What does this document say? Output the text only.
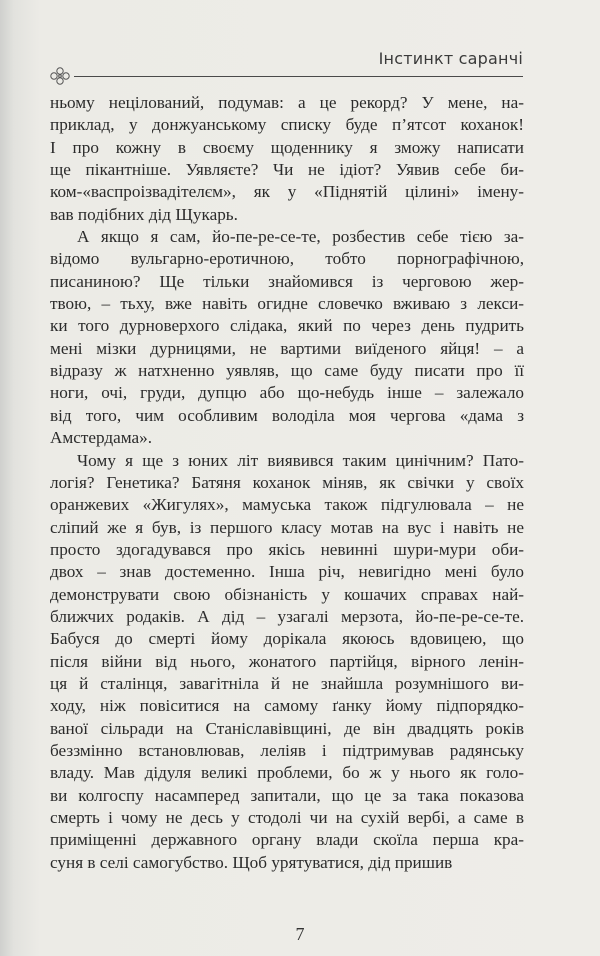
Інстинкт саранчі
ньому нецілований, подумав: а це рекорд? У мене, на-
приклад, у донжуанському списку буде п’ятсот коханок!
І про кожну в своєму щоденнику я зможу написати
ще пікантніше. Уявляєте? Чи не ідіот? Уявив себе би-
ком-«васпроізвадітелєм», як у «Піднятій цілині» імену-
вав подібних дід Щукарь.
А якщо я сам, йо-пе-ре-се-те, розбестив себе тією за-
відомо вульгарно-еротичною, тобто порнографічною,
писаниною? Ще тільки знайомився із черговою жер-
твою, – тьху, вже навіть огидне словечко вживаю з лекси-
ки того дурноверхого слідака, який по через день пудрить
мені мізки дурницями, не вартими виїденого яйця! – а
відразу ж натхненно уявляв, що саме буду писати про її
ноги, очі, груди, дупцю або що-небудь інше – залежало
від того, чим особливим володіла моя чергова «дама з
Амстердама».
Чому я ще з юних літ виявився таким цинічним? Пато-
логія? Генетика? Батяня коханок міняв, як свічки у своїх
оранжевих «Жигулях», мамуська також підгулювала – не
сліпий же я був, із першого класу мотав на вус і навіть не
просто здогадувався про якісь невинні шури-мури оби-
двох – знав достеменно. Інша річ, невигідно мені було
демонструвати свою обізнаність у кошачих справах най-
ближчих родаків. А дід – узагалі мерзота, йо-пе-ре-се-те.
Бабуся до смерті йому дорікала якоюсь вдовицею, що
після війни від нього, жонатого партійця, вірного ленін-
ця й сталінця, завагітніла й не знайшла розумнішого ви-
ходу, ніж повіситися на самому ґанку йому підпорядко-
ваної сільради на Станіславівщині, де він двадцять років
беззмінно встановлював, леліяв і підтримував радянську
владу. Мав дідуля великі проблеми, бо ж у нього як голо-
ви колгоспу насамперед запитали, що це за така показова
смерть і чому не десь у стодолі чи на сухій вербі, а саме в
приміщенні державного органу влади скоїла перша кра-
суня в селі самогубство. Щоб урятуватися, дід пришив
7
